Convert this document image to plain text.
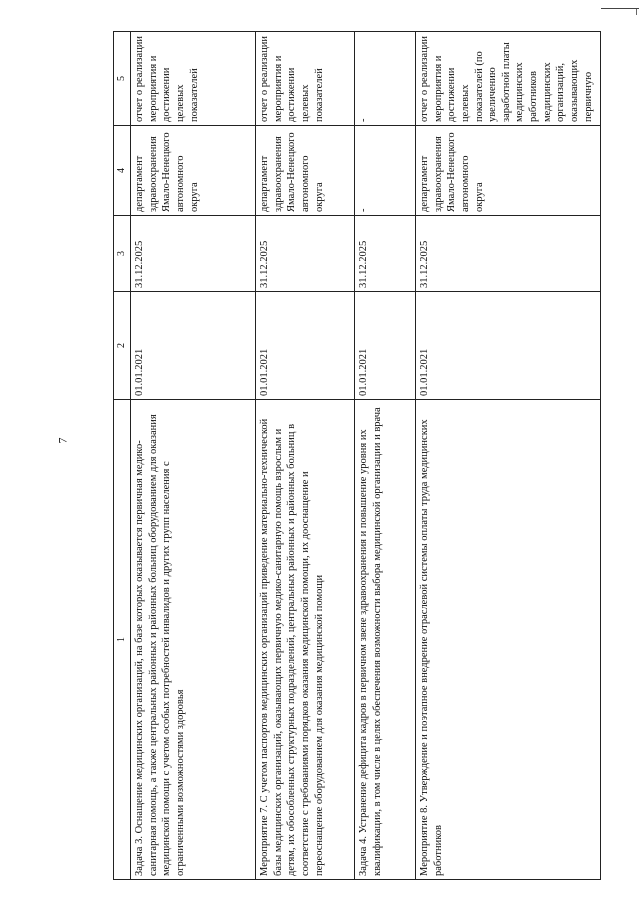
7
1	2	3	4	5
Задача 3. Оснащение медицинских организаций, на базе которых оказывается первичная медико-санитарная помощь, а также центральных районных и районных больниц оборудованием для оказания медицинской помощи с учетом особых потребностей инвалидов и других групп населения с ограниченными возможностями здоровья	01.01.2021	31.12.2025	департамент здравоохранения Ямало-Ненецкого автономного округа	отчет о реализации мероприятия и достижении целевых показателей
Мероприятие 7. С учетом паспортов медицинских организаций приведение материально-технической базы медицинских организаций, оказывающих первичную медико-санитарную помощь взрослым и детям, их обособленных структурных подразделений, центральных районных и районных больниц в соответствие с требованиями порядков оказания медицинской помощи, их дооснащение и переоснащение оборудованием для оказания медицинской помощи	01.01.2021	31.12.2025	департамент здравоохранения Ямало-Ненецкого автономного округа	отчет о реализации мероприятия и достижении целевых показателей
Задача 4. Устранение дефицита кадров в первичном звене здравоохранения и повышение уровня их квалификации, в том числе в целях обеспечения возможности выбора медицинской организации и врача	01.01.2021	31.12.2025	-	-
Мероприятие 8. Утверждение и поэтапное внедрение отраслевой системы оплаты труда медицинских работников	01.01.2021	31.12.2025	департамент здравоохранения Ямало-Ненецкого автономного округа	отчет о реализации мероприятия и достижении целевых показателей (по увеличению заработной платы медицинских работников медицинских организаций, оказывающих первичную
